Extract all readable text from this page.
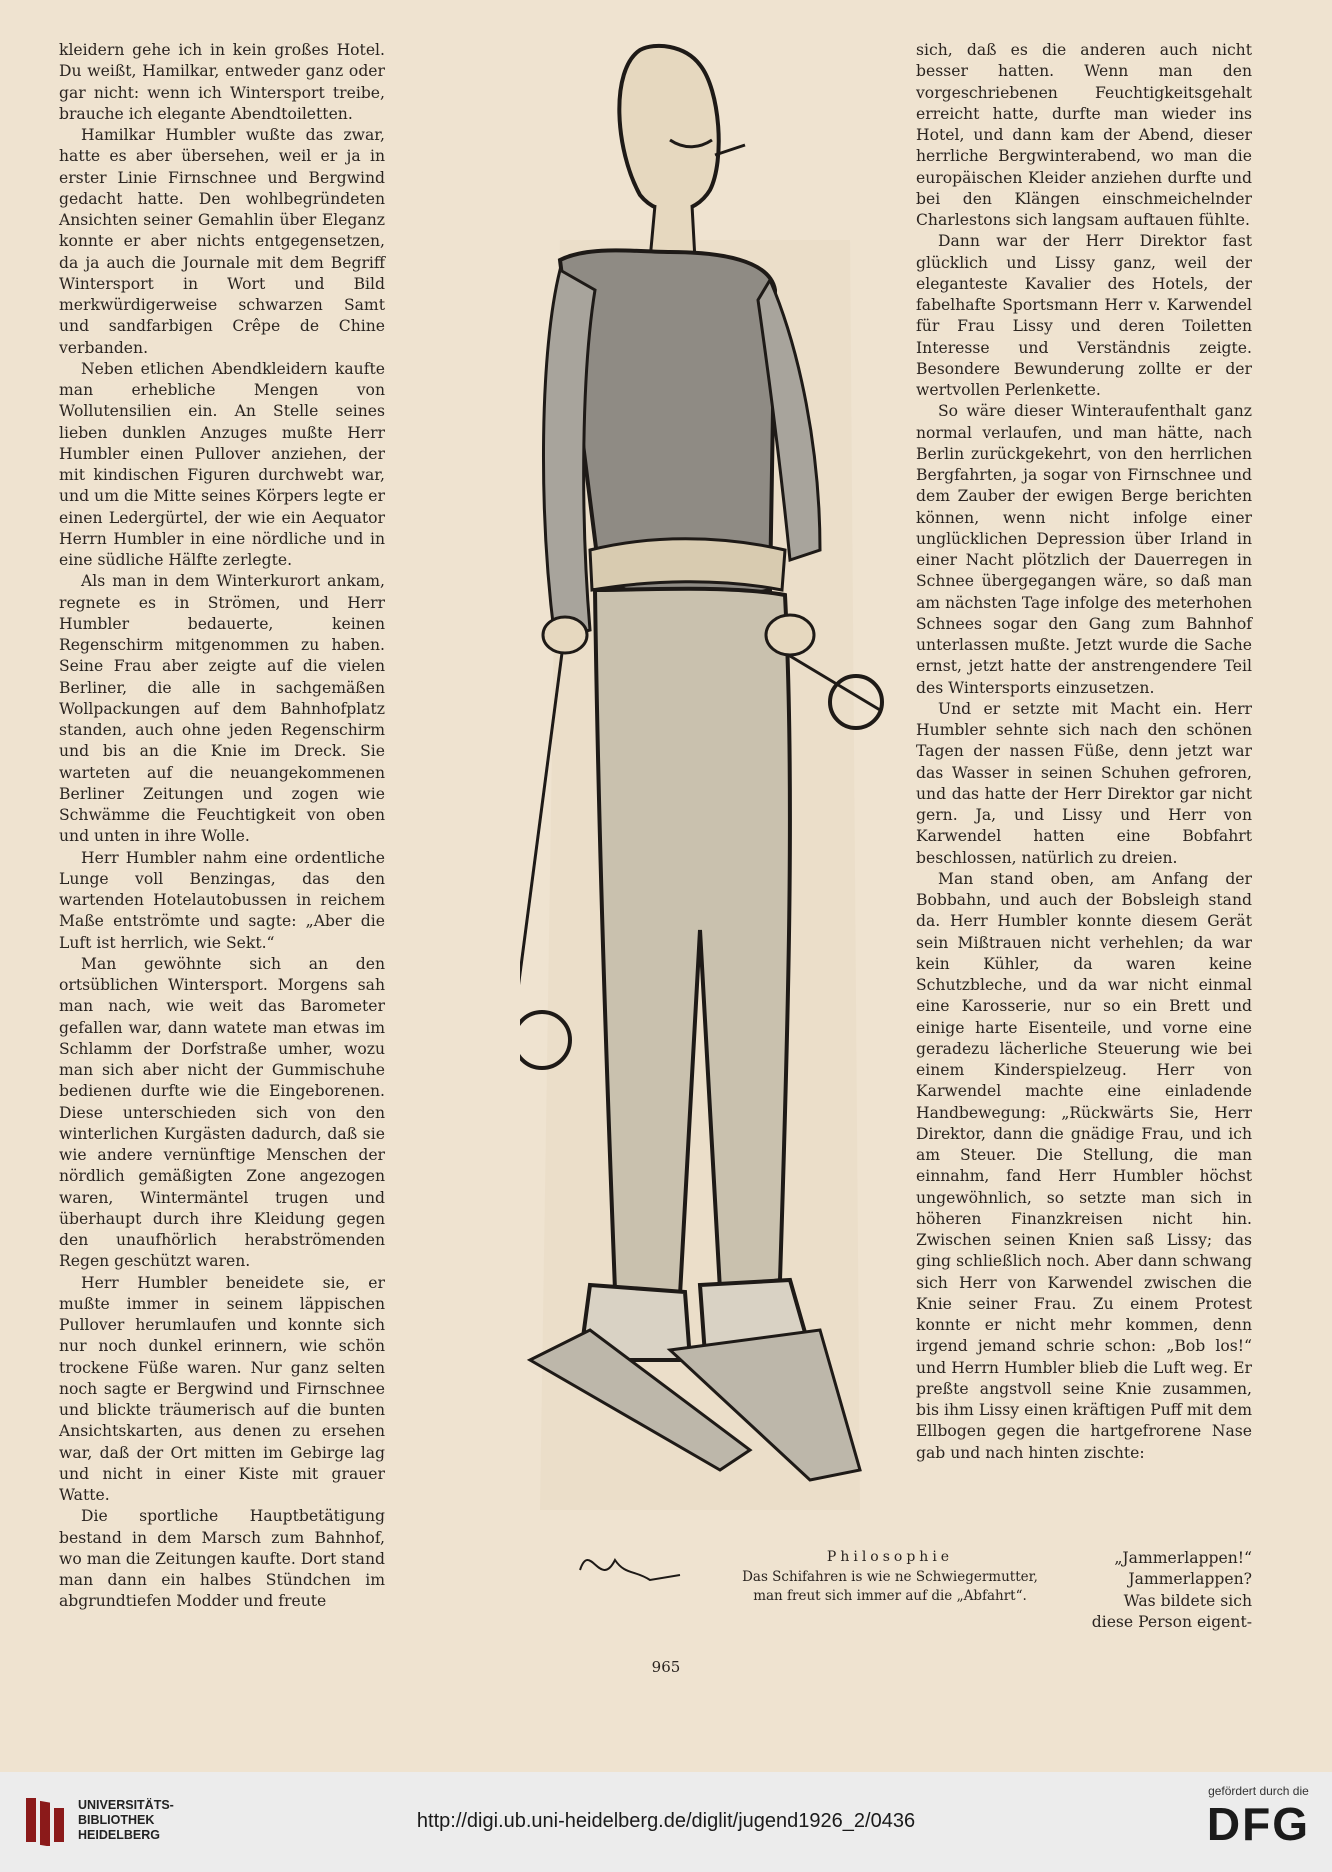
kleidern gehe ich in kein großes Hotel. Du weißt, Hamilkar, entweder ganz oder gar nicht: wenn ich Wintersport treibe, brauche ich elegante Abendtoiletten.

Hamilkar Humbler wußte das zwar, hatte es aber übersehen, weil er ja in erster Linie Firnschnee und Bergwind gedacht hatte. Den wohlbegründeten Ansichten seiner Gemahlin über Eleganz konnte er aber nichts entgegensetzen, da ja auch die Journale mit dem Begriff Wintersport in Wort und Bild merkwürdigerweise schwarzen Samt und sandfarbigen Crêpe de Chine verbanden.

Neben etlichen Abendkleidern kaufte man erhebliche Mengen von Wollutensilien ein. An Stelle seines lieben dunklen Anzuges mußte Herr Humbler einen Pullover anziehen, der mit kindischen Figuren durchwebt war, und um die Mitte seines Körpers legte er einen Ledergürtel, der wie ein Aequator Herrn Humbler in eine nördliche und in eine südliche Hälfte zerlegte.

Als man in dem Winterkurort ankam, regnete es in Strömen, und Herr Humbler bedauerte, keinen Regenschirm mitgenommen zu haben. Seine Frau aber zeigte auf die vielen Berliner, die alle in sachgemäßen Wollpackungen auf dem Bahnhofplatz standen, auch ohne jeden Regenschirm und bis an die Knie im Dreck. Sie warteten auf die neuangekommenen Berliner Zeitungen und zogen wie Schwämme die Feuchtigkeit von oben und unten in ihre Wolle.

Herr Humbler nahm eine ordentliche Lunge voll Benzingas, das den wartenden Hotelautobussen in reichem Maße entströmte und sagte: „Aber die Luft ist herrlich, wie Sekt.“

Man gewöhnte sich an den ortsüblichen Wintersport. Morgens sah man nach, wie weit das Barometer gefallen war, dann watete man etwas im Schlamm der Dorfstraße umher, wozu man sich aber nicht der Gummischuhe bedienen durfte wie die Eingeborenen. Diese unterschieden sich von den winterlichen Kurgästen dadurch, daß sie wie andere vernünftige Menschen der nördlich gemäßigten Zone angezogen waren, Wintermäntel trugen und überhaupt durch ihre Kleidung gegen den unaufhörlich herabströmenden Regen geschützt waren.

Herr Humbler beneidete sie, er mußte immer in seinem läppischen Pullover herumlaufen und konnte sich nur noch dunkel erinnern, wie schön trockene Füße waren. Nur ganz selten noch sagte er Bergwind und Firnschnee und blickte träumerisch auf die bunten Ansichtskarten, aus denen zu ersehen war, daß der Ort mitten im Gebirge lag und nicht in einer Kiste mit grauer Watte.

Die sportliche Hauptbetätigung bestand in dem Marsch zum Bahnhof, wo man die Zeitungen kaufte. Dort stand man dann ein halbes Stündchen im abgrundtiefen Modder und freute

sich, daß es die anderen auch nicht besser hatten. Wenn man den vorgeschriebenen Feuchtigkeitsgehalt erreicht hatte, durfte man wieder ins Hotel, und dann kam der Abend, dieser herrliche Bergwinterabend, wo man die europäischen Kleider anziehen durfte und bei den Klängen einschmeichelnder Charlestons sich langsam auftauen fühlte.

Dann war der Herr Direktor fast glücklich und Lissy ganz, weil der eleganteste Kavalier des Hotels, der fabelhafte Sportsmann Herr v. Karwendel für Frau Lissy und deren Toiletten Interesse und Verständnis zeigte. Besondere Bewunderung zollte er der wertvollen Perlenkette.

So wäre dieser Winteraufenthalt ganz normal verlaufen, und man hätte, nach Berlin zurückgekehrt, von den herrlichen Bergfahrten, ja sogar von Firnschnee und dem Zauber der ewigen Berge berichten können, wenn nicht infolge einer unglücklichen Depression über Irland in einer Nacht plötzlich der Dauerregen in Schnee übergegangen wäre, so daß man am nächsten Tage infolge des meterhohen Schnees sogar den Gang zum Bahnhof unterlassen mußte. Jetzt wurde die Sache ernst, jetzt hatte der anstrengendere Teil des Wintersports einzusetzen.

Und er setzte mit Macht ein. Herr Humbler sehnte sich nach den schönen Tagen der nassen Füße, denn jetzt war das Wasser in seinen Schuhen gefroren, und das hatte der Herr Direktor gar nicht gern. Ja, und Lissy und Herr von Karwendel hatten eine Bobfahrt beschlossen, natürlich zu dreien.

Man stand oben, am Anfang der Bobbahn, und auch der Bobsleigh stand da. Herr Humbler konnte diesem Gerät sein Mißtrauen nicht verhehlen; da war kein Kühler, da waren keine Schutzbleche, und da war nicht einmal eine Karosserie, nur so ein Brett und einige harte Eisenteile, und vorne eine geradezu lächerliche Steuerung wie bei einem Kinderspielzeug. Herr von Karwendel machte eine einladende Handbewegung: „Rückwärts Sie, Herr Direktor, dann die gnädige Frau, und ich am Steuer. Die Stellung, die man einnahm, fand Herr Humbler höchst ungewöhnlich, so setzte man sich in höheren Finanzkreisen nicht hin. Zwischen seinen Knien saß Lissy; das ging schließlich noch. Aber dann schwang sich Herr von Karwendel zwischen die Knie seiner Frau. Zu einem Protest konnte er nicht mehr kommen, denn irgend jemand schrie schon: „Bob los!“ und Herrn Humbler blieb die Luft weg. Er preßte angstvoll seine Knie zusammen, bis ihm Lissy einen kräftigen Puff mit dem Ellbogen gegen die hartgefrorene Nase gab und nach hinten zischte:

Philosophie
Das Schifahren is wie ne Schwiegermutter, man freut sich immer auf die „Abfahrt“.
„Jammerlappen!“
Jammerlappen?
Was bildete sich
diese Person eigent-
965
UNIVERSITÄTS-
BIBLIOTHEK
HEIDELBERG
http://digi.ub.uni-heidelberg.de/diglit/jugend1926_2/0436
gefördert durch die
DFG
